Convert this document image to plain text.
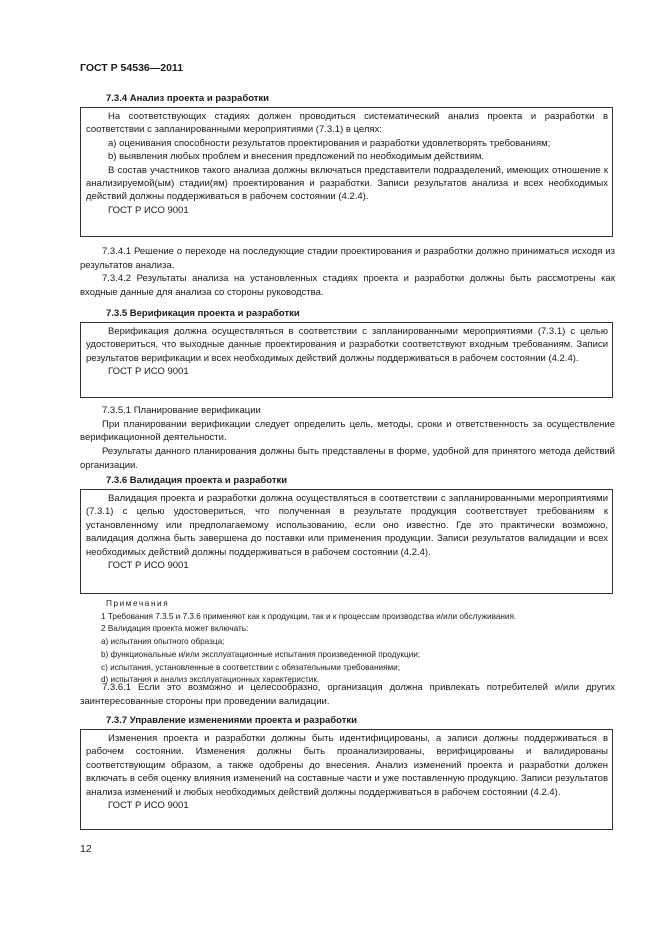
ГОСТ Р 54536—2011
7.3.4 Анализ проекта и разработки

На соответствующих стадиях должен проводиться систематический анализ проекта и разработки в соответствии с запланированными мероприятиями (7.3.1) в целях:

a) оценивания способности результатов проектирования и разработки удовлетворять требованиям;

b) выявления любых проблем и внесения предложений по необходимым действиям.

В состав участников такого анализа должны включаться представители подразделений, имеющих отношение к анализируемой(ым) стадии(ям) проектирования и разработки. Записи результатов анализа и всех необходимых действий должны поддерживаться в рабочем состоянии (4.2.4).

ГОСТ Р ИСО 9001

7.3.4.1 Решение о переходе на последующие стадии проектирования и разработки должно приниматься исходя из результатов анализа.

7.3.4.2 Результаты анализа на установленных стадиях проекта и разработки должны быть рассмотрены как входные данные для анализа со стороны руководства.

7.3.5 Верификация проекта и разработки

Верификация должна осуществляться в соответствии с запланированными мероприятиями (7.3.1) с целью удостовериться, что выходные данные проектирования и разработки соответствуют входным требованиям. Записи результатов верификации и всех необходимых действий должны поддерживаться в рабочем состоянии (4.2.4).

ГОСТ Р ИСО 9001

7.3.5.1 Планирование верификации

При планировании верификации следует определить цель, методы, сроки и ответственность за осуществление верификационной деятельности.

Результаты данного планирования должны быть представлены в форме, удобной для принятого метода действий организации.

7.3.6 Валидация проекта и разработки

Валидация проекта и разработки должна осуществляться в соответствии с запланированными мероприятиями (7.3.1) с целью удостовериться, что полученная в результате продукция соответствует требованиям к установленному или предполагаемому использованию, если оно известно. Где это практически возможно, валидация должна быть завершена до поставки или применения продукции. Записи результатов валидации и всех необходимых действий должны поддерживаться в рабочем состоянии (4.2.4).

ГОСТ Р ИСО 9001

Примечания

1 Требования 7.3.5 и 7.3.6 применяют как к продукции, так и к процессам производства и/или обслуживания.

2 Валидация проекта может включать:

a) испытания опытного образца;

b) функциональные и/или эксплуатационные испытания произведенной продукции;

c) испытания, установленные в соответствии с обязательными требованиями;

d) испытания и анализ эксплуатационных характеристик.

7.3.6.1 Если это возможно и целесообразно, организация должна привлекать потребителей и/или других заинтересованные стороны при проведении валидации.

7.3.7 Управление изменениями проекта и разработки

Изменения проекта и разработки должны быть идентифицированы, а записи должны поддерживаться в рабочем состоянии. Изменения должны быть проанализированы, верифицированы и валидированы соответствующим образом, а также одобрены до внесения. Анализ изменений проекта и разработки должен включать в себя оценку влияния изменений на составные части и уже поставленную продукцию. Записи результатов анализа изменений и любых необходимых действий должны поддерживаться в рабочем состоянии (4.2.4).

ГОСТ Р ИСО 9001

12
